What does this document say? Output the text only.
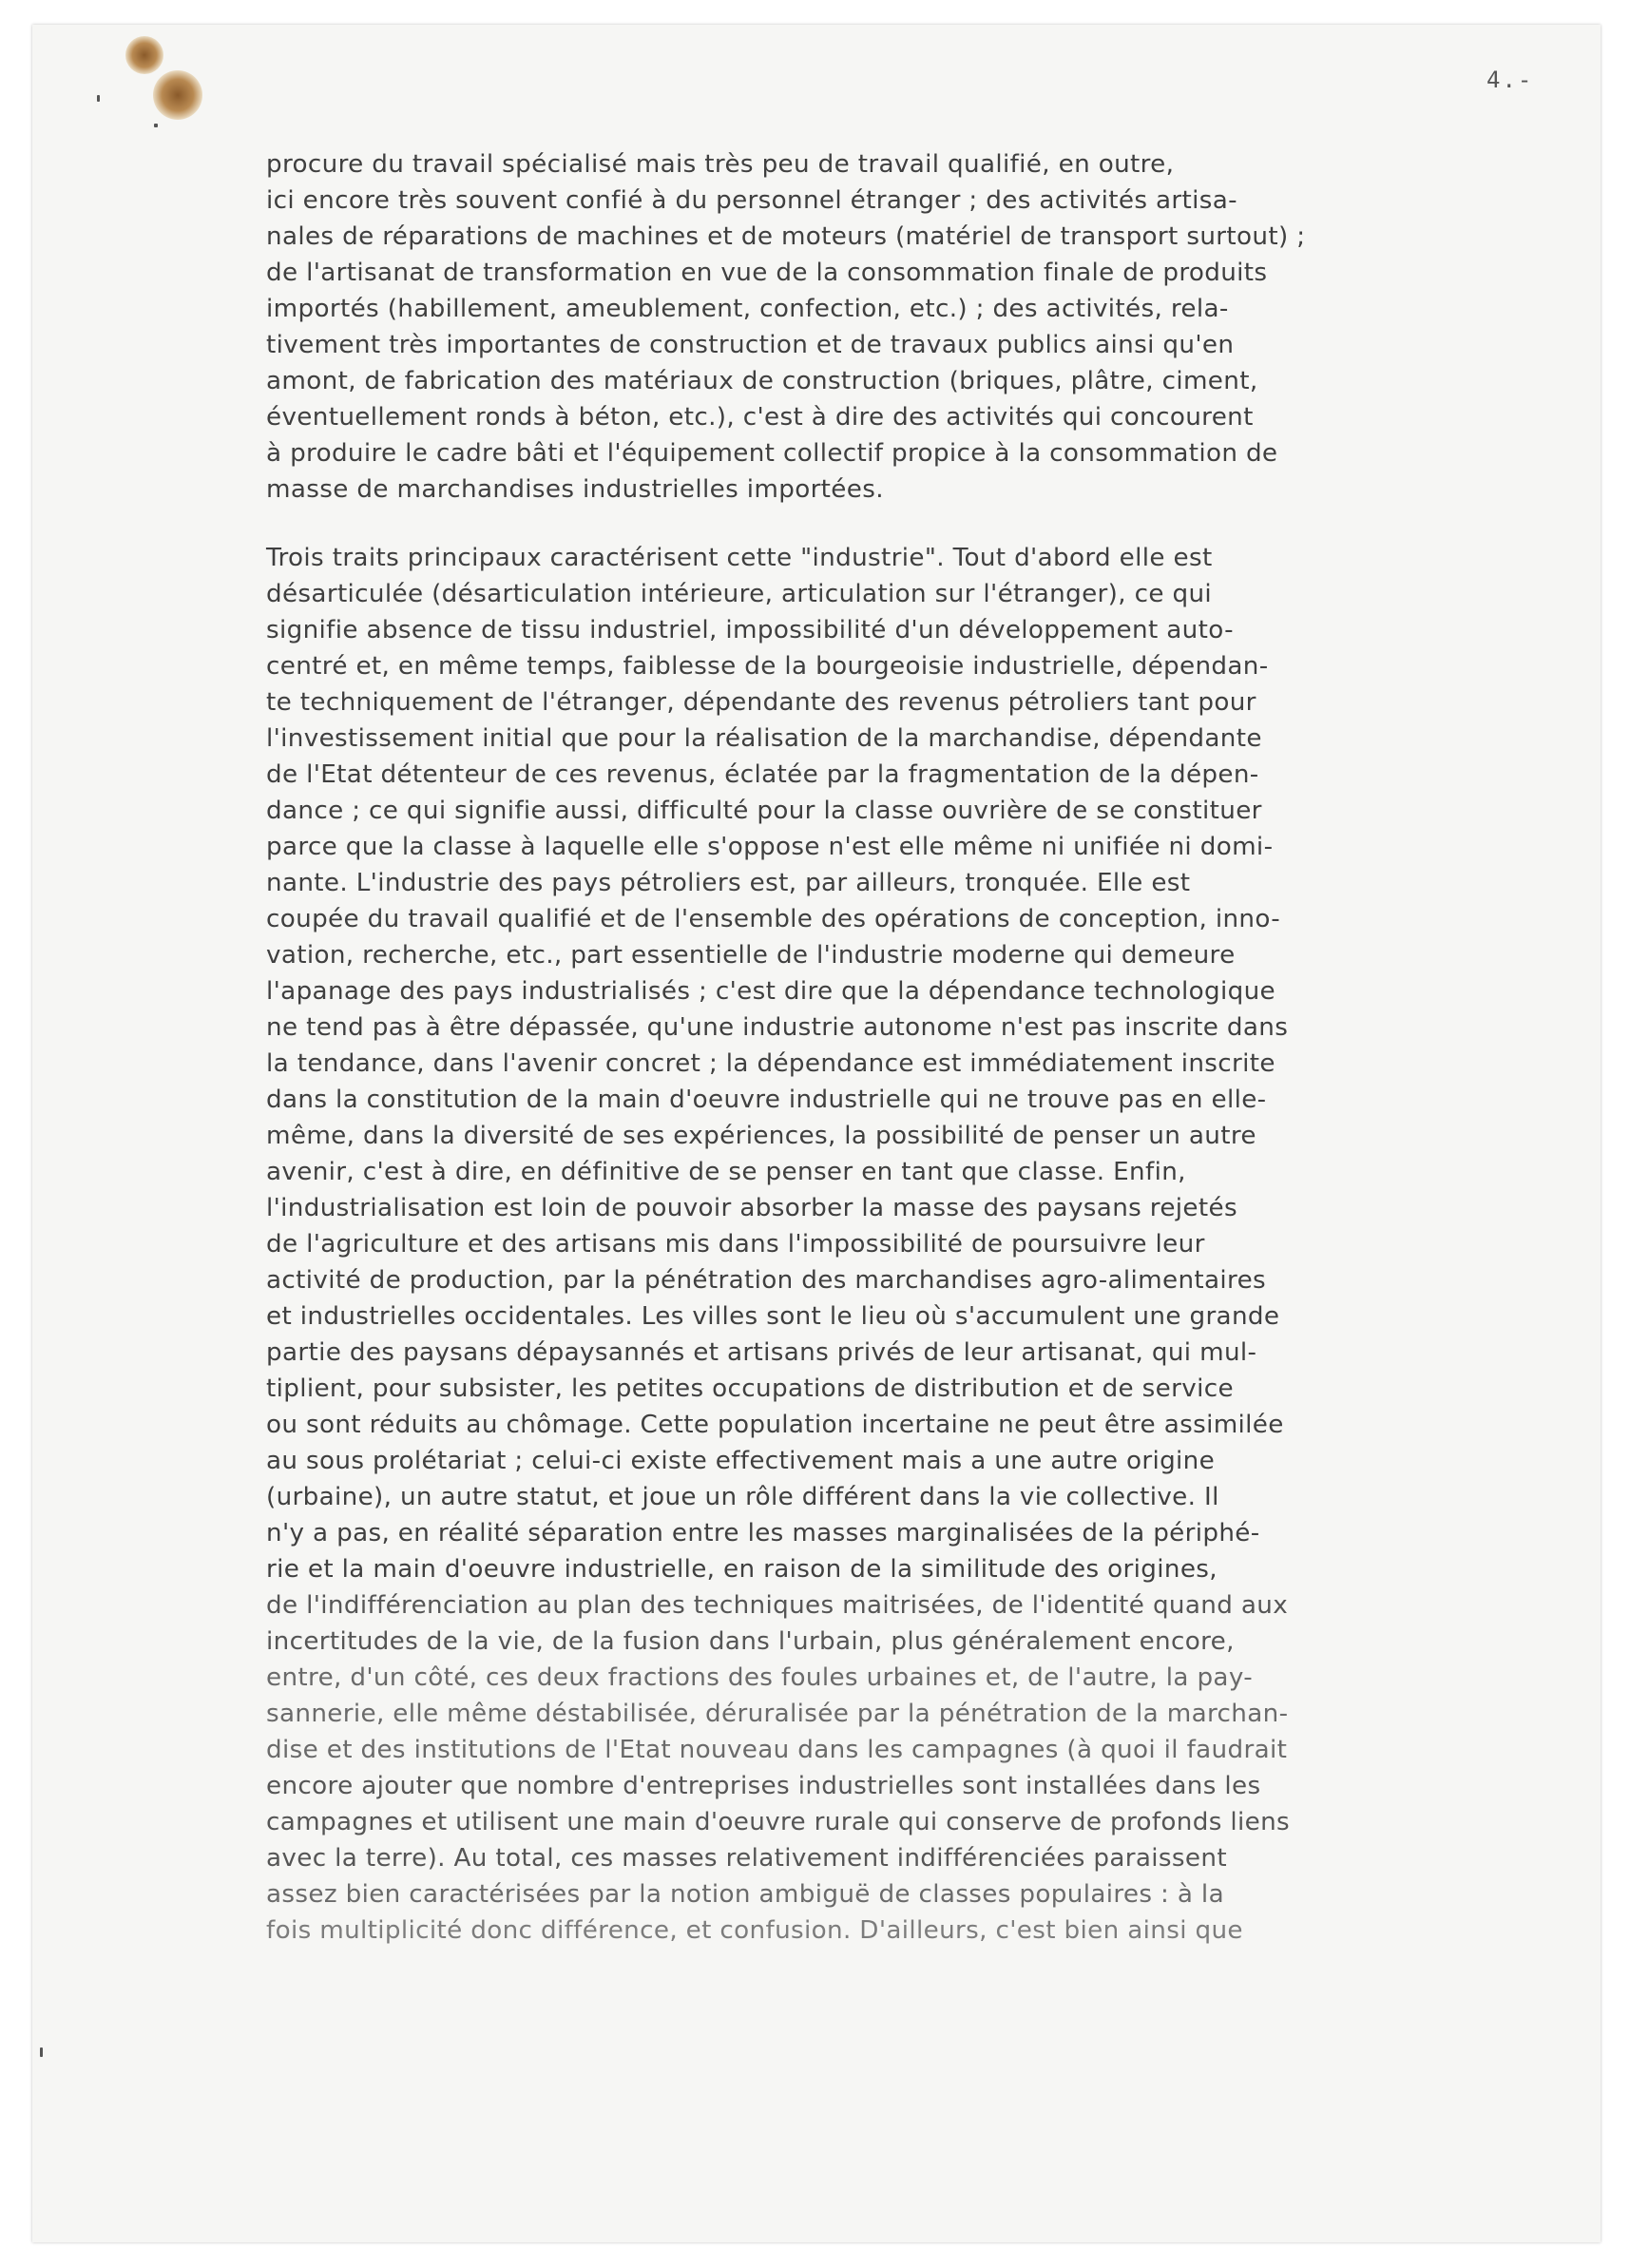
4.-
procure du travail spécialisé mais très peu de travail qualifié, en outre,
ici encore très souvent confié à du personnel étranger ; des activités artisa-
nales de réparations de machines et de moteurs (matériel de transport surtout) ;
de l'artisanat de transformation en vue de la consommation finale de produits
importés (habillement, ameublement, confection, etc.) ; des activités, rela-
tivement très importantes de construction et de travaux publics ainsi qu'en
amont, de fabrication des matériaux de construction (briques, plâtre, ciment,
éventuellement ronds à béton, etc.), c'est à dire des activités qui concourent
à produire le cadre bâti et l'équipement collectif propice à la consommation de
masse de marchandises industrielles importées.
Trois traits principaux caractérisent cette "industrie". Tout d'abord elle est
désarticulée (désarticulation intérieure, articulation sur l'étranger), ce qui
signifie absence de tissu industriel, impossibilité d'un développement auto-
centré et, en même temps, faiblesse de la bourgeoisie industrielle, dépendan-
te techniquement de l'étranger, dépendante des revenus pétroliers tant pour
l'investissement initial que pour la réalisation de la marchandise, dépendante
de l'Etat détenteur de ces revenus, éclatée par la fragmentation de la dépen-
dance ; ce qui signifie aussi, difficulté pour la classe ouvrière de se constituer
parce que la classe à laquelle elle s'oppose n'est elle même ni unifiée ni domi-
nante. L'industrie des pays pétroliers est, par ailleurs, tronquée. Elle est
coupée du travail qualifié et de l'ensemble des opérations de conception, inno-
vation, recherche, etc., part essentielle de l'industrie moderne qui demeure
l'apanage des pays industrialisés ; c'est dire que la dépendance technologique
ne tend pas à être dépassée, qu'une industrie autonome n'est pas inscrite dans
la tendance, dans l'avenir concret ; la dépendance est immédiatement inscrite
dans la constitution de la main d'oeuvre industrielle qui ne trouve pas en elle-
même, dans la diversité de ses expériences, la possibilité de penser un autre
avenir, c'est à dire, en définitive de se penser en tant que classe. Enfin,
l'industrialisation est loin de pouvoir absorber la masse des paysans rejetés
de l'agriculture et des artisans mis dans l'impossibilité de poursuivre leur
activité de production, par la pénétration des marchandises agro-alimentaires
et industrielles occidentales. Les villes sont le lieu où s'accumulent une grande
partie des paysans dépaysannés et artisans privés de leur artisanat, qui mul-
tiplient, pour subsister, les petites occupations de distribution et de service
ou sont réduits au chômage. Cette population incertaine ne peut être assimilée
au sous prolétariat ; celui-ci existe effectivement mais a une autre origine
(urbaine), un autre statut, et joue un rôle différent dans la vie collective. Il
n'y a pas, en réalité séparation entre les masses marginalisées de la périphé-
rie et la main d'oeuvre industrielle, en raison de la similitude des origines,
de l'indifférenciation au plan des techniques maitrisées, de l'identité quand aux
incertitudes de la vie, de la fusion dans l'urbain, plus généralement encore,
entre, d'un côté, ces deux fractions des foules urbaines et, de l'autre, la pay-
sannerie, elle même déstabilisée, déruralisée par la pénétration de la marchan-
dise et des institutions de l'Etat nouveau dans les campagnes (à quoi il faudrait
encore ajouter que nombre d'entreprises industrielles sont installées dans les
campagnes et utilisent une main d'oeuvre rurale qui conserve de profonds liens
avec la terre). Au total, ces masses relativement indifférenciées paraissent
assez bien caractérisées par la notion ambiguë de classes populaires : à la
fois multiplicité donc différence, et confusion. D'ailleurs, c'est bien ainsi que
